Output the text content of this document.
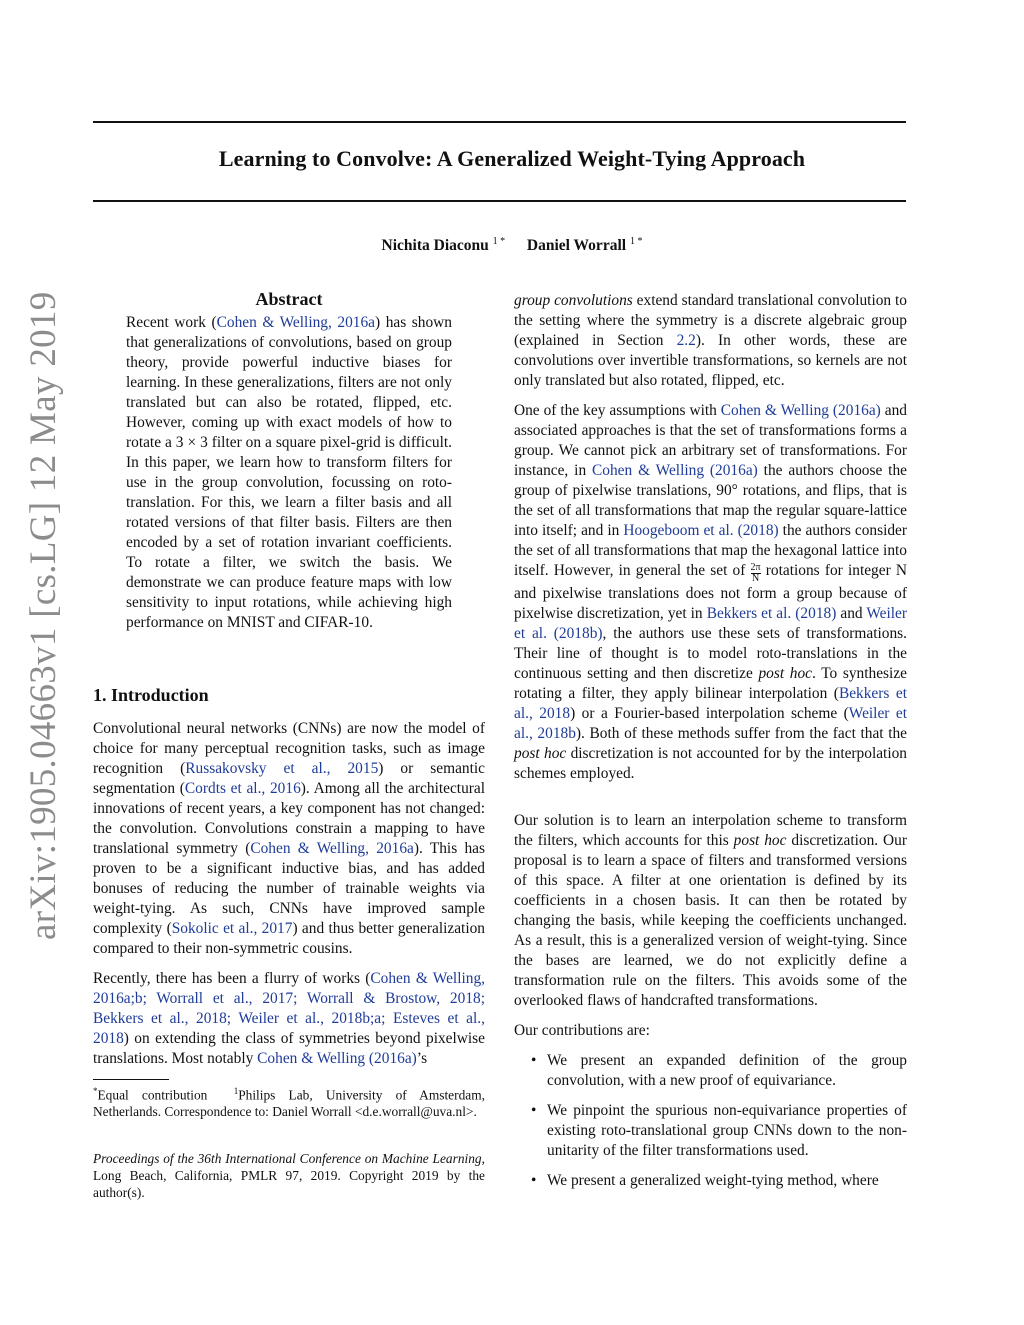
arXiv:1905.04663v1 [cs.LG] 12 May 2019
Learning to Convolve: A Generalized Weight-Tying Approach
Nichita Diaconu $^{1 *}$ Daniel Worrall $^{1 *}$
Abstract

Recent work (Cohen & Welling, 2016a) has shown that generalizations of convolutions, based on group theory, provide powerful inductive biases for learning. In these generalizations, filters are not only translated but can also be rotated, flipped, etc. However, coming up with exact models of how to rotate a 3 × 3 filter on a square pixel-grid is difficult. In this paper, we learn how to transform filters for use in the group convolution, focussing on roto-translation. For this, we learn a filter basis and all rotated versions of that filter basis. Filters are then encoded by a set of rotation invariant coefficients. To rotate a filter, we switch the basis. We demonstrate we can produce feature maps with low sensitivity to input rotations, while achieving high performance on MNIST and CIFAR-10.

1. Introduction

Convolutional neural networks (CNNs) are now the model of choice for many perceptual recognition tasks, such as image recognition (Russakovsky et al., 2015) or semantic segmentation (Cordts et al., 2016). Among all the architectural innovations of recent years, a key component has not changed: the convolution. Convolutions constrain a mapping to have translational symmetry (Cohen & Welling, 2016a). This has proven to be a significant inductive bias, and has added bonuses of reducing the number of trainable weights via weight-tying. As such, CNNs have improved sample complexity (Sokolic et al., 2017) and thus better generalization compared to their non-symmetric cousins.

Recently, there has been a flurry of works (Cohen & Welling, 2016a;b; Worrall et al., 2017; Worrall & Brostow, 2018; Bekkers et al., 2018; Weiler et al., 2018b;a; Esteves et al., 2018) on extending the class of symmetries beyond pixelwise translations. Most notably Cohen & Welling (2016a)’s

*Equal contribution	$^1$Philips Lab, University of Amsterdam, Netherlands. Correspondence to: Daniel Worrall <d.e.worrall@uva.nl>.

Proceedings of the 36th International Conference on Machine Learning, Long Beach, California, PMLR 97, 2019. Copyright 2019 by the author(s).

group convolutions extend standard translational convolution to the setting where the symmetry is a discrete algebraic group (explained in Section 2.2). In other words, these are convolutions over invertible transformations, so kernels are not only translated but also rotated, flipped, etc.

One of the key assumptions with Cohen & Welling (2016a) and associated approaches is that the set of transformations forms a group. We cannot pick an arbitrary set of transformations. For instance, in Cohen & Welling (2016a) the authors choose the group of pixelwise translations, 90° rotations, and flips, that is the set of all transformations that map the regular square-lattice into itself; and in Hoogeboom et al. (2018) the authors consider the set of all transformations that map the hexagonal lattice into itself. However, in general the set of $\frac{2\pi}{N}$ rotations for integer N and pixelwise translations does not form a group because of pixelwise discretization, yet in Bekkers et al. (2018) and Weiler et al. (2018b), the authors use these sets of transformations. Their line of thought is to model roto-translations in the continuous setting and then discretize post hoc. To synthesize rotating a filter, they apply bilinear interpolation (Bekkers et al., 2018) or a Fourier-based interpolation scheme (Weiler et al., 2018b). Both of these methods suffer from the fact that the post hoc discretization is not accounted for by the interpolation schemes employed.

Our solution is to learn an interpolation scheme to transform the filters, which accounts for this post hoc discretization. Our proposal is to learn a space of filters and transformed versions of this space. A filter at one orientation is defined by its coefficients in a chosen basis. It can then be rotated by changing the basis, while keeping the coefficients unchanged. As a result, this is a generalized version of weight-tying. Since the bases are learned, we do not explicitly define a transformation rule on the filters. This avoids some of the overlooked flaws of handcrafted transformations.

Our contributions are:
• We present an expanded definition of the group convolution, with a new proof of equivariance.
• We pinpoint the spurious non-equivariance properties of existing roto-translational group CNNs down to the non-unitarity of the filter transformations used.
• We present a generalized weight-tying method, where
